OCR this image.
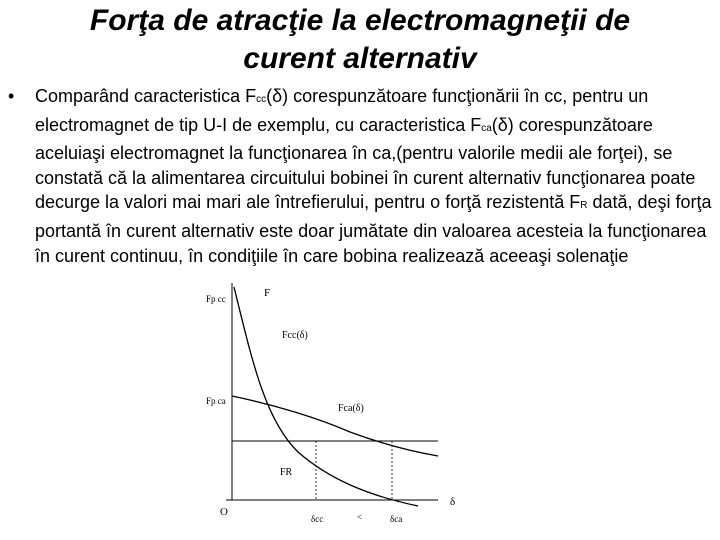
Forţa de atracţie la electromagneţii de
curent alternativ
•	Comparând caracteristica Fcc(δ) corespunzătoare funcţionării în cc, pentru un electromagnet de tip U-I de exemplu, cu caracteristica Fca(δ) corespunzătoare aceluiaşi electromagnet la funcţionarea în ca,(pentru valorile medii ale forţei), se constată că la alimentarea circuitului bobinei în curent alternativ funcţionarea poate decurge la valori mai mari ale întrefierului, pentru o forţă rezistentă FR dată, deşi forţa portantă în curent alternativ este doar jumătate din valoarea acesteia la funcţionarea în curent continuu, în condiţiile în care bobina realizează aceeaşi solenaţie
Fp cc	F
Fcc(δ)
Fp ca
Fca(δ)
FR
O
δ
δcc	<	δca
